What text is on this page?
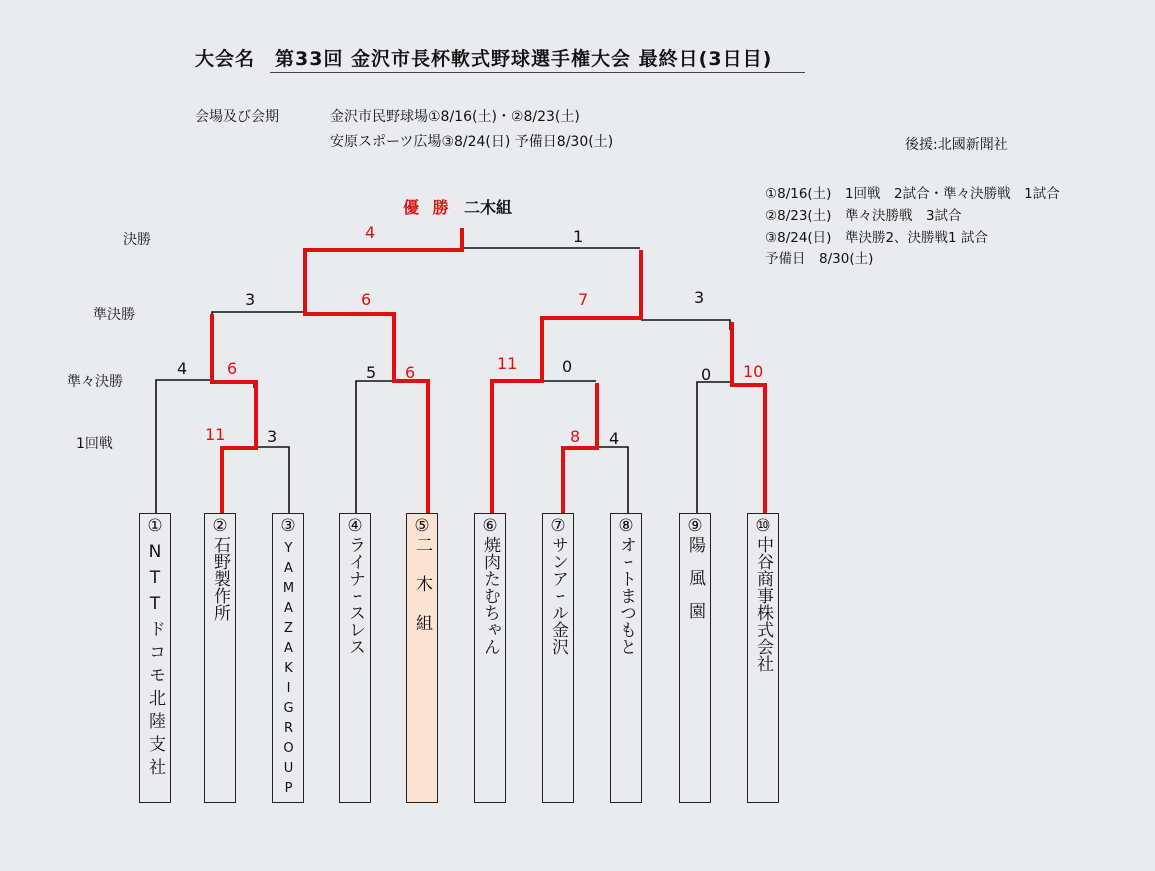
大会名　第33回 金沢市長杯軟式野球選手権大会 最終日(3日目)
会場及び会期	金沢市民野球場①8/16(土)・②8/23(土)
安原スポーツ広場③8/24(日) 予備日8/30(土)	後援:北國新聞社
①8/16(土)　1回戦　2試合・準々決勝戦　1試合
②8/23(土)　準々決勝戦　3試合
③8/24(日)　準決勝2、決勝戦1 試合
予備日　8/30(土)
優 勝 二木組
決勝
準決勝
準々決勝
1回戦
4	1
3	6	7	3
4 6	5 6	11	0	0 10
11	3	8 4
①
NTTドコモ北陸支社
②
石野製作所
③
YAMAZAKIGROUP
④
ライナｰスレス
⑤
二木組
⑥
焼肉たむちゃん
⑦
サンアｰル金沢
⑧
オｰトまつもと
⑨
陽風園
⑩
中谷商事株式会社
